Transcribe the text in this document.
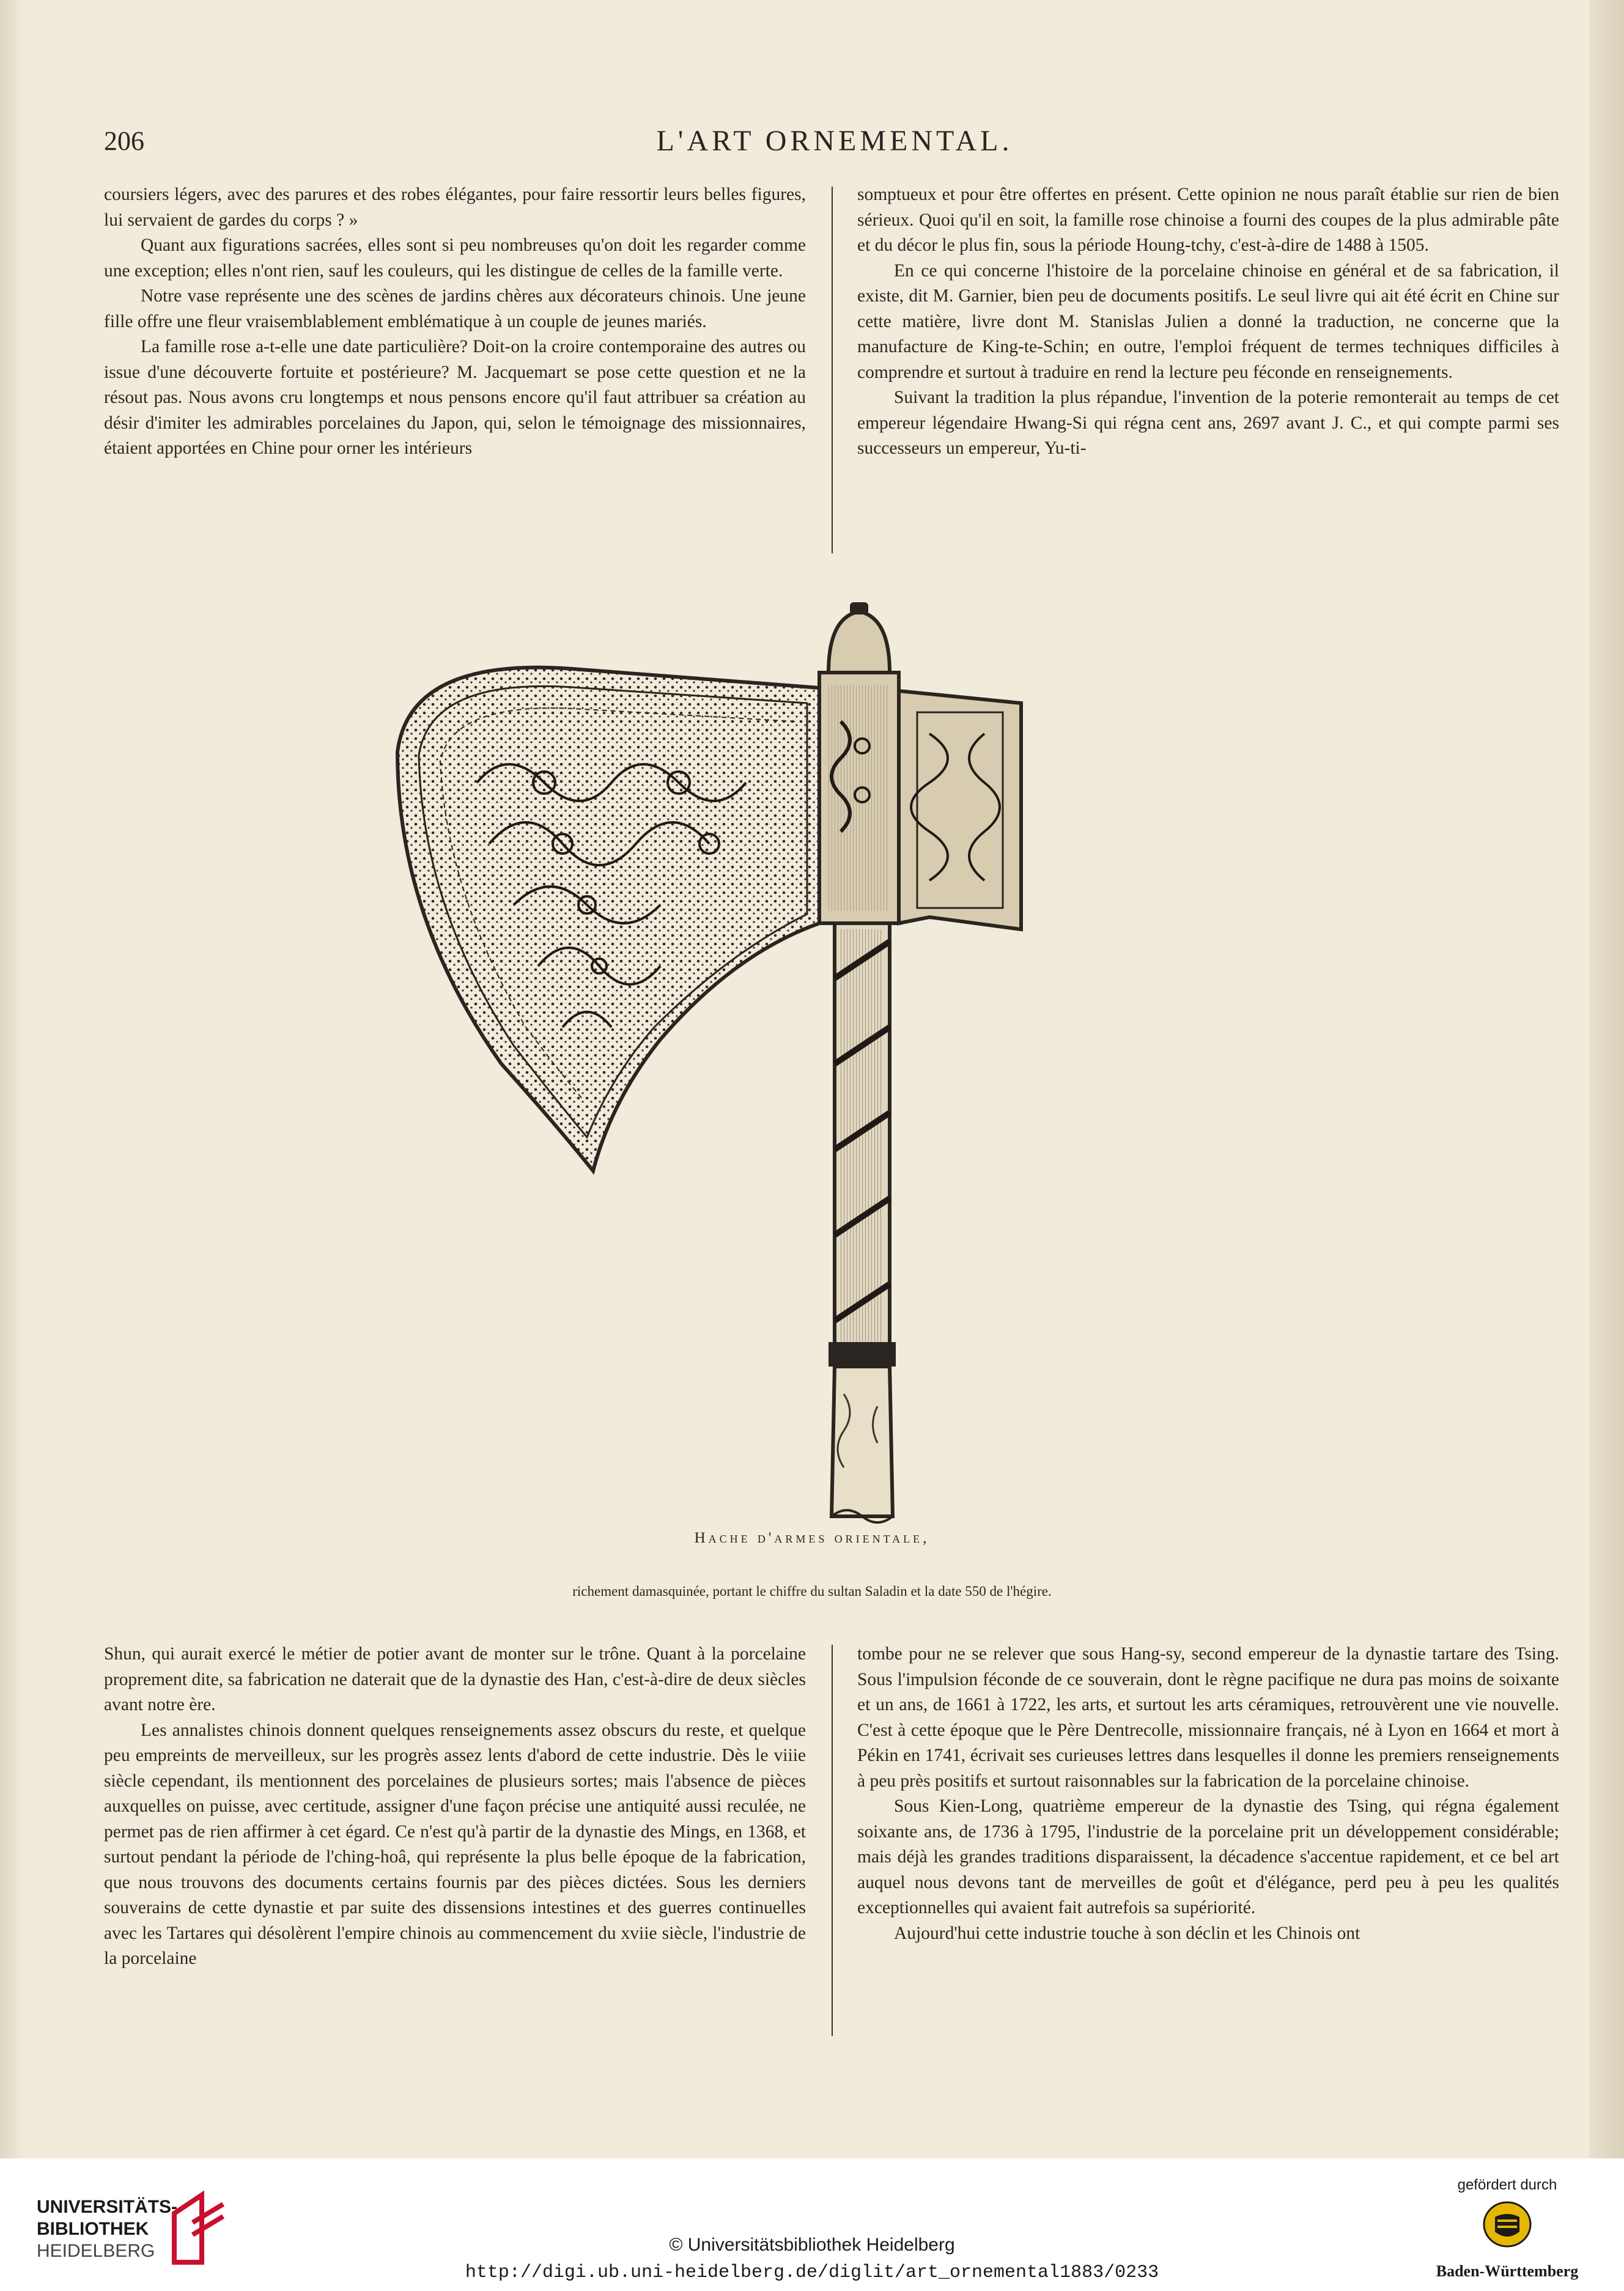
206	L'ART ORNEMENTAL.

coursiers légers, avec des parures et des robes élégantes, pour faire ressortir leurs belles figures, lui servaient de gardes du corps ? »

Quant aux figurations sacrées, elles sont si peu nombreuses qu'on doit les regarder comme une exception; elles n'ont rien, sauf les couleurs, qui les distingue de celles de la famille verte.

Notre vase représente une des scènes de jardins chères aux décorateurs chinois. Une jeune fille offre une fleur vraisemblablement emblématique à un couple de jeunes mariés.

La famille rose a-t-elle une date particulière? Doit-on la croire contemporaine des autres ou issue d'une découverte fortuite et postérieure? M. Jacquemart se pose cette question et ne la résout pas. Nous avons cru longtemps et nous pensons encore qu'il faut attribuer sa création au désir d'imiter les admirables porcelaines du Japon, qui, selon le témoignage des missionnaires, étaient apportées en Chine pour orner les intérieurs

somptueux et pour être offertes en présent. Cette opinion ne nous paraît établie sur rien de bien sérieux. Quoi qu'il en soit, la famille rose chinoise a fourni des coupes de la plus admirable pâte et du décor le plus fin, sous la période Houng-tchy, c'est-à-dire de 1488 à 1505.

En ce qui concerne l'histoire de la porcelaine chinoise en général et de sa fabrication, il existe, dit M. Garnier, bien peu de documents positifs. Le seul livre qui ait été écrit en Chine sur cette matière, livre dont M. Stanislas Julien a donné la traduction, ne concerne que la manufacture de King-te-Schin; en outre, l'emploi fréquent de termes techniques difficiles à comprendre et surtout à traduire en rend la lecture peu féconde en renseignements.

Suivant la tradition la plus répandue, l'invention de la poterie remonterait au temps de cet empereur légendaire Hwang-Si qui régna cent ans, 2697 avant J. C., et qui compte parmi ses successeurs un empereur, Yu-ti-

Hache d'armes orientale,
richement damasquinée, portant le chiffre du sultan Saladin et la date 550 de l'hégire.

Shun, qui aurait exercé le métier de potier avant de monter sur le trône. Quant à la porcelaine proprement dite, sa fabrication ne daterait que de la dynastie des Han, c'est-à-dire de deux siècles avant notre ère.

Les annalistes chinois donnent quelques renseignements assez obscurs du reste, et quelque peu empreints de merveilleux, sur les progrès assez lents d'abord de cette industrie. Dès le viiie siècle cependant, ils mentionnent des porcelaines de plusieurs sortes; mais l'absence de pièces auxquelles on puisse, avec certitude, assigner d'une façon précise une antiquité aussi reculée, ne permet pas de rien affirmer à cet égard. Ce n'est qu'à partir de la dynastie des Mings, en 1368, et surtout pendant la période de l'ching-hoâ, qui représente la plus belle époque de la fabrication, que nous trouvons des documents certains fournis par des pièces dictées. Sous les derniers souverains de cette dynastie et par suite des dissensions intestines et des guerres continuelles avec les Tartares qui désolèrent l'empire chinois au commencement du xviie siècle, l'industrie de la porcelaine

tombe pour ne se relever que sous Hang-sy, second empereur de la dynastie tartare des Tsing. Sous l'impulsion féconde de ce souverain, dont le règne pacifique ne dura pas moins de soixante et un ans, de 1661 à 1722, les arts, et surtout les arts céramiques, retrouvèrent une vie nouvelle. C'est à cette époque que le Père Dentrecolle, missionnaire français, né à Lyon en 1664 et mort à Pékin en 1741, écrivait ses curieuses lettres dans lesquelles il donne les premiers renseignements à peu près positifs et surtout raisonnables sur la fabrication de la porcelaine chinoise.

Sous Kien-Long, quatrième empereur de la dynastie des Tsing, qui régna également soixante ans, de 1736 à 1795, l'industrie de la porcelaine prit un développement considérable; mais déjà les grandes traditions disparaissent, la décadence s'accentue rapidement, et ce bel art auquel nous devons tant de merveilles de goût et d'élégance, perd peu à peu les qualités exceptionnelles qui avaient fait autrefois sa supériorité.

Aujourd'hui cette industrie touche à son déclin et les Chinois ont

UNIVERSITÄTS-
BIBLIOTHEK
HEIDELBERG	© Universitätsbibliothek Heidelberg
http://digi.ub.uni-heidelberg.de/diglit/art_ornemental1883/0233
gefördert durch
Baden-Württemberg
